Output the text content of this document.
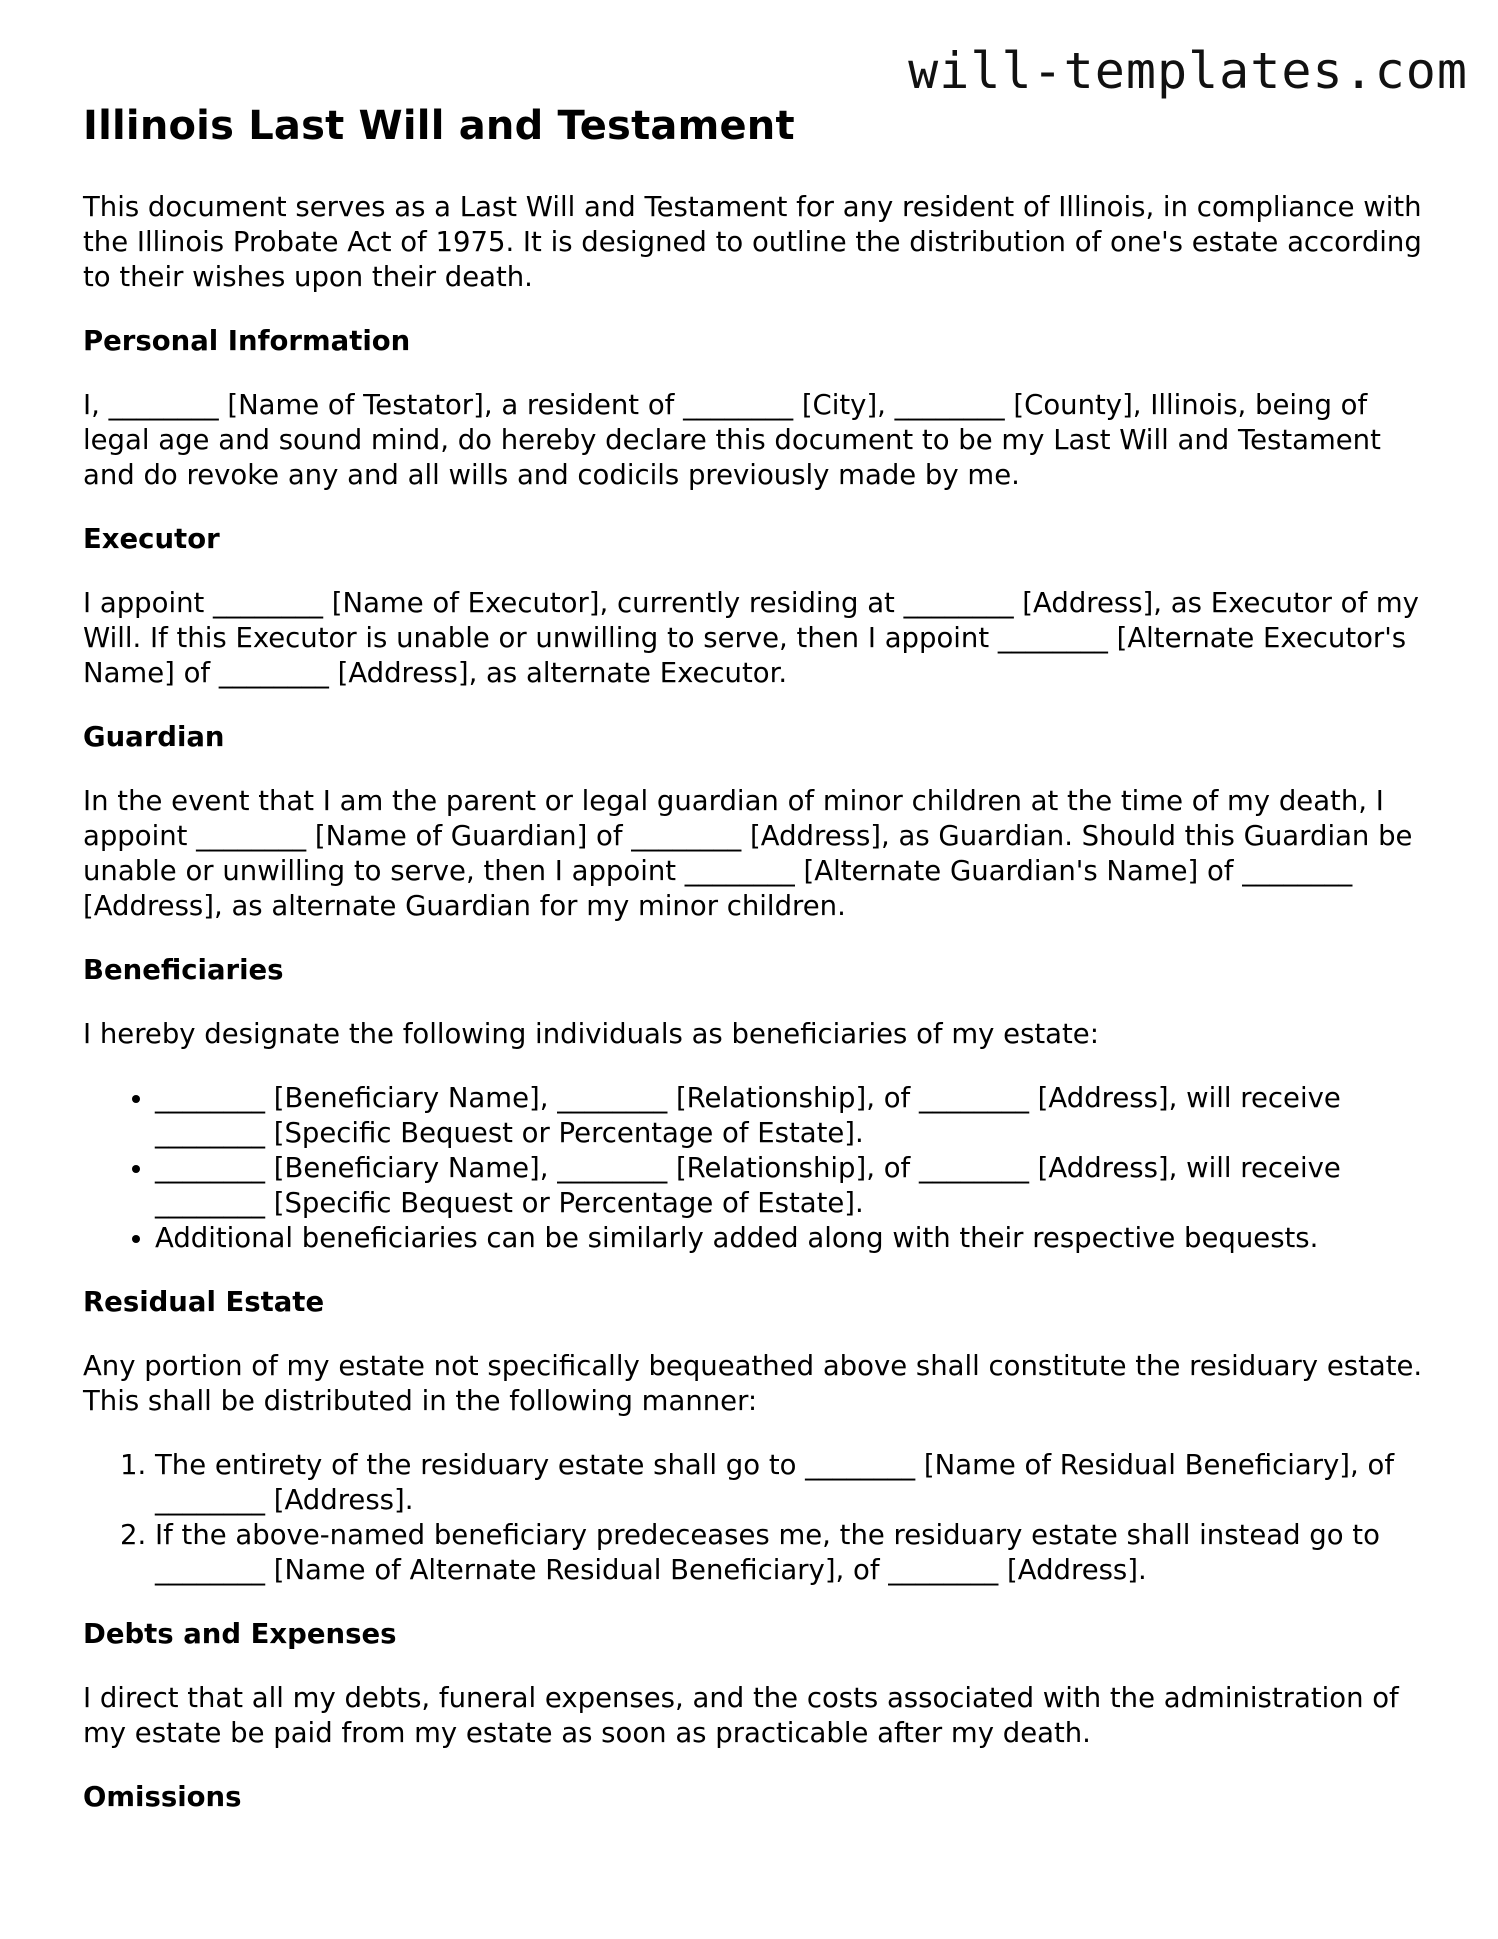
will-templates.com
Illinois Last Will and Testament

This document serves as a Last Will and Testament for any resident of Illinois, in compliance with the Illinois Probate Act of 1975. It is designed to outline the distribution of one's estate according to their wishes upon their death.

Personal Information

I, ________ [Name of Testator], a resident of ________ [City], ________ [County], Illinois, being of legal age and sound mind, do hereby declare this document to be my Last Will and Testament and do revoke any and all wills and codicils previously made by me.

Executor

I appoint ________ [Name of Executor], currently residing at ________ [Address], as Executor of my Will. If this Executor is unable or unwilling to serve, then I appoint ________ [Alternate Executor's Name] of ________ [Address], as alternate Executor.

Guardian

In the event that I am the parent or legal guardian of minor children at the time of my death, I appoint ________ [Name of Guardian] of ________ [Address], as Guardian. Should this Guardian be unable or unwilling to serve, then I appoint ________ [Alternate Guardian's Name] of ________ [Address], as alternate Guardian for my minor children.

Beneficiaries

I hereby designate the following individuals as beneficiaries of my estate:

• ________ [Beneficiary Name], ________ [Relationship], of ________ [Address], will receive ________ [Specific Bequest or Percentage of Estate].
• ________ [Beneficiary Name], ________ [Relationship], of ________ [Address], will receive ________ [Specific Bequest or Percentage of Estate].
• Additional beneficiaries can be similarly added along with their respective bequests.
Residual Estate

Any portion of my estate not specifically bequeathed above shall constitute the residuary estate. This shall be distributed in the following manner:

1. The entirety of the residuary estate shall go to ________ [Name of Residual Beneficiary], of ________ [Address].
2. If the above-named beneficiary predeceases me, the residuary estate shall instead go to ________ [Name of Alternate Residual Beneficiary], of ________ [Address].
Debts and Expenses

I direct that all my debts, funeral expenses, and the costs associated with the administration of my estate be paid from my estate as soon as practicable after my death.

Omissions
